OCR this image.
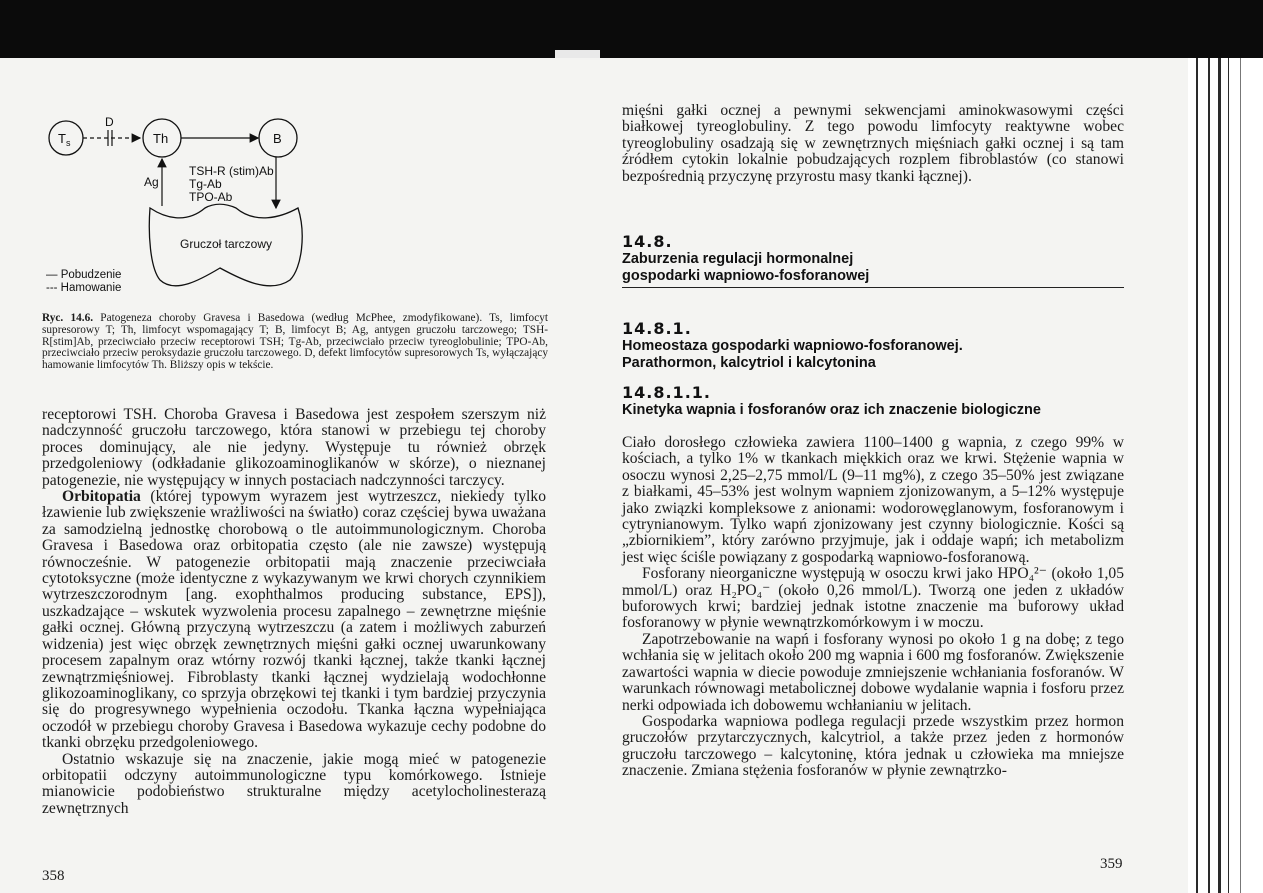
$T_s$
D
Th	B
Ag
TSH-R (stim)Ab
Tg-Ab
TPO-Ab
Gruczoł tarczowy
— Pobudzenie
--- Hamowanie
Ryc. 14.6. Patogeneza choroby Gravesa i Basedowa (według McPhee, zmodyfikowane). Ts, limfocyt supresorowy T; Th, limfocyt wspomagający T; B, limfocyt B; Ag, antygen gruczołu tarczowego; TSH-R[stim]Ab, przeciwciało przeciw receptorowi TSH; Tg-Ab, przeciwciało przeciw tyreoglobulinie; TPO-Ab, przeciwciało przeciw peroksydazie gruczołu tarczowego. D, defekt limfocytów supresorowych Ts, wyłączający hamowanie limfocytów Th. Bliższy opis w tekście.

receptorowi TSH. Choroba Gravesa i Basedowa jest zespołem szerszym niż nadczynność gruczołu tarczowego, która stanowi w przebiegu tej choroby proces dominujący, ale nie jedyny. Występuje tu również obrzęk przedgoleniowy (odkładanie glikozoaminoglikanów w skórze), o nieznanej patogenezie, nie występujący w innych postaciach nadczynności tarczycy.

Orbitopatia (której typowym wyrazem jest wytrzeszcz, niekiedy tylko łzawienie lub zwiększenie wrażliwości na światło) coraz częściej bywa uważana za samodzielną jednostkę chorobową o tle autoimmunologicznym. Choroba Gravesa i Basedowa oraz orbitopatia często (ale nie zawsze) występują równocześnie. W patogenezie orbitopatii mają znaczenie przeciwciała cytotoksyczne (może identyczne z wykazywanym we krwi chorych czynnikiem wytrzeszczorodnym [ang. exophthalmos producing substance, EPS]), uszkadzające – wskutek wyzwolenia procesu zapalnego – zewnętrzne mięśnie gałki ocznej. Główną przyczyną wytrzeszczu (a zatem i możliwych zaburzeń widzenia) jest więc obrzęk zewnętrznych mięśni gałki ocznej uwarunkowany procesem zapalnym oraz wtórny rozwój tkanki łącznej, także tkanki łącznej zewnątrzmięśniowej. Fibroblasty tkanki łącznej wydzielają wodochłonne glikozoaminoglikany, co sprzyja obrzękowi tej tkanki i tym bardziej przyczynia się do progresywnego wypełnienia oczodołu. Tkanka łączna wypełniająca oczodół w przebiegu choroby Gravesa i Basedowa wykazuje cechy podobne do tkanki obrzęku przedgoleniowego.

Ostatnio wskazuje się na znaczenie, jakie mogą mieć w patogenezie orbitopatii odczyny autoimmunologiczne typu komórkowego. Istnieje mianowicie podobieństwo strukturalne między acetylocholinesterazą zewnętrznych

358

mięśni gałki ocznej a pewnymi sekwencjami aminokwasowymi części białkowej tyreoglobuliny. Z tego powodu limfocyty reaktywne wobec tyreoglobuliny osadzają się w zewnętrznych mięśniach gałki ocznej i są tam źródłem cytokin lokalnie pobudzających rozplem fibroblastów (co stanowi bezpośrednią przyczynę przyrostu masy tkanki łącznej).

14.8.
Zaburzenia regulacji hormonalnej
gospodarki wapniowo-fosforanowej
14.8.1.
Homeostaza gospodarki wapniowo-fosforanowej.
Parathormon, kalcytriol i kalcytonina
14.8.1.1.
Kinetyka wapnia i fosforanów oraz ich znaczenie biologiczne

Ciało dorosłego człowieka zawiera 1100–1400 g wapnia, z czego 99% w kościach, a tylko 1% w tkankach miękkich oraz we krwi. Stężenie wapnia w osoczu wynosi 2,25–2,75 mmol/L (9–11 mg%), z czego 35–50% jest związane z białkami, 45–53% jest wolnym wapniem zjonizowanym, a 5–12% występuje jako związki kompleksowe z anionami: wodorowęglanowym, fosforanowym i cytrynianowym. Tylko wapń zjonizowany jest czynny biologicznie. Kości są „zbiornikiem”, który zarówno przyjmuje, jak i oddaje wapń; ich metabolizm jest więc ściśle powiązany z gospodarką wapniowo-fosforanową.

Fosforany nieorganiczne występują w osoczu krwi jako HPO₄²⁻ (około 1,05 mmol/L) oraz H₂PO₄⁻ (około 0,26 mmol/L). Tworzą one jeden z układów buforowych krwi; bardziej jednak istotne znaczenie ma buforowy układ fosforanowy w płynie wewnątrzkomórkowym i w moczu.

Zapotrzebowanie na wapń i fosforany wynosi po około 1 g na dobę; z tego wchłania się w jelitach około 200 mg wapnia i 600 mg fosforanów. Zwiększenie zawartości wapnia w diecie powoduje zmniejszenie wchłaniania fosforanów. W warunkach równowagi metabolicznej dobowe wydalanie wapnia i fosforu przez nerki odpowiada ich dobowemu wchłanianiu w jelitach.

Gospodarka wapniowa podlega regulacji przede wszystkim przez hormon gruczołów przytarczycznych, kalcytriol, a także przez jeden z hormonów gruczołu tarczowego – kalcytoninę, która jednak u człowieka ma mniejsze znaczenie. Zmiana stężenia fosforanów w płynie zewnątrzko-

359
